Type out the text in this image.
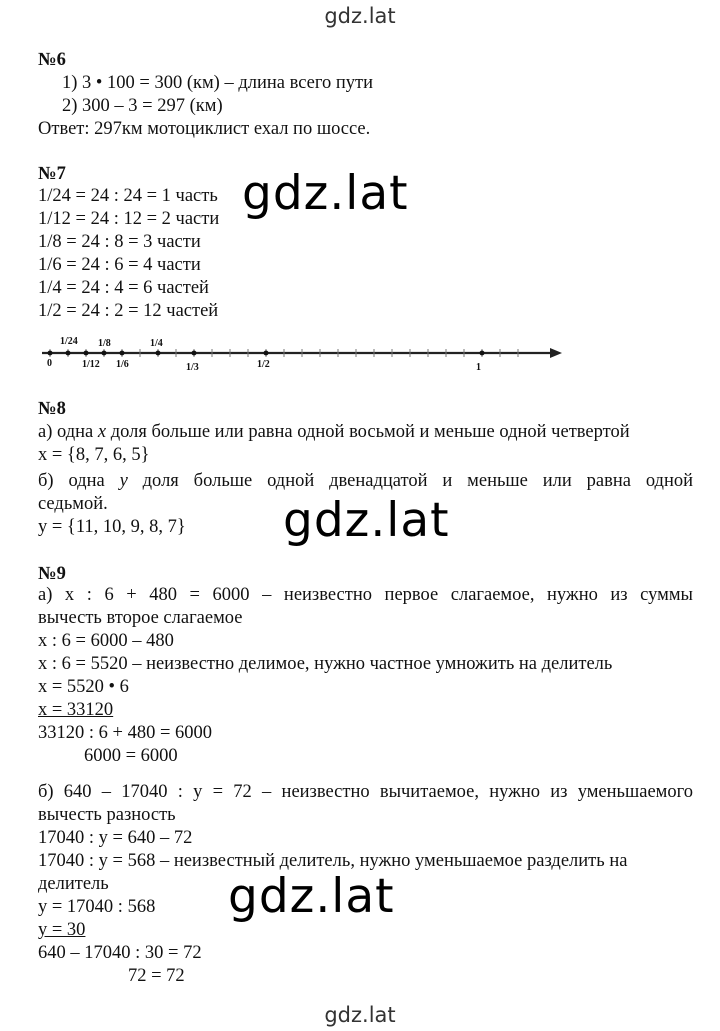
gdz.lat
gdz.lat
№6
1) 3 • 100 = 300 (км) – длина всего пути
2) 300 – 3 = 297 (км)
Ответ: 297км мотоциклист ехал по шоссе.
№7
1/24 = 24 : 24 = 1 часть
1/12 = 24 : 12 = 2 части
1/8 = 24 : 8 = 3 части
1/6 = 24 : 6 = 4 части
1/4 = 24 : 4 = 6 частей
1/2 = 24 : 2 = 12 частей
1/24 1/8	1/4
0	1/12 1/6	1/3	1/2	1
№8
а) одна x доля больше или равна одной восьмой и меньше одной четвертой
x = {8, 7, 6, 5}
б) одна y доля больше одной двенадцатой и меньше или равна одной
седьмой.
y = {11, 10, 9, 8, 7}
№9
а) x : 6 + 480 = 6000 – неизвестно первое слагаемое, нужно из суммы
вычесть второе слагаемое
x : 6 = 6000 – 480
x : 6 = 5520 – неизвестно делимое, нужно частное умножить на делитель
x = 5520 • 6
x = 33120
33120 : 6 + 480 = 6000
6000 = 6000
б) 640 – 17040 : y = 72 – неизвестно вычитаемое, нужно из уменьшаемого
вычесть разность
17040 : y = 640 – 72
17040 : y = 568 – неизвестный делитель, нужно уменьшаемое разделить на
делитель
y = 17040 : 568
y = 30
640 – 17040 : 30 = 72
72 = 72
gdz.lat
gdz.lat
gdz.lat
